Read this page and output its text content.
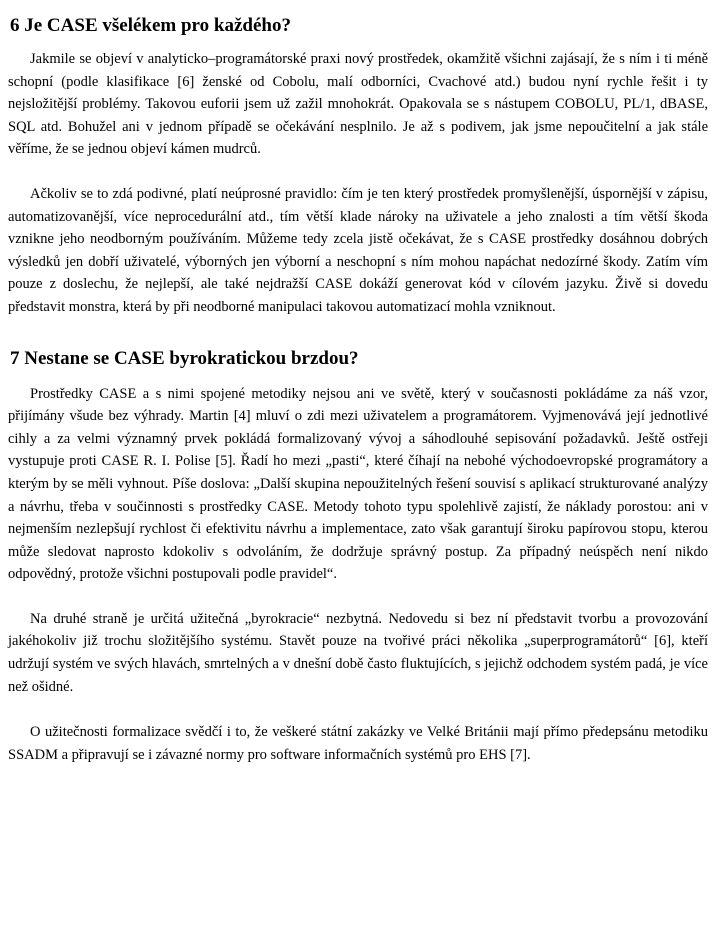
6 Je CASE všelékem pro každého?

Jakmile se objeví v analyticko–programátorské praxi nový prostředek, okamžitě všichni zajásají, že s ním i ti méně schopní (podle klasifikace [6] ženské od Cobolu, malí odborníci, Cvachové atd.) budou nyní rychle řešit i ty nejsložitější problémy. Takovou euforii jsem už zažil mnohokrát. Opakovala se s nástupem COBOLU, PL/1, dBASE, SQL atd. Bohužel ani v jednom případě se očekávání nesplnilo. Je až s podivem, jak jsme nepoučitelní a jak stále věříme, že se jednou objeví kámen mudrců.

Ačkoliv se to zdá podivné, platí neúprosné pravidlo: čím je ten který prostředek promyšlenější, úspornější v zápisu, automatizovanější, více neprocedurální atd., tím větší klade nároky na uživatele a jeho znalosti a tím větší škoda vznikne jeho neodborným používáním. Můžeme tedy zcela jistě očekávat, že s CASE prostředky dosáhnou dobrých výsledků jen dobří uživatelé, výborných jen výborní a neschopní s ním mohou napáchat nedozírné škody. Zatím vím pouze z doslechu, že nejlepší, ale také nejdražší CASE dokáží generovat kód v cílovém jazyku. Živě si dovedu představit monstra, která by při neodborné manipulaci takovou automatizací mohla vzniknout.

7 Nestane se CASE byrokratickou brzdou?

Prostředky CASE a s nimi spojené metodiky nejsou ani ve světě, který v současnosti pokládáme za náš vzor, přijímány všude bez výhrady. Martin [4] mluví o zdi mezi uživatelem a programátorem. Vyjmenovává její jednotlivé cihly a za velmi významný prvek pokládá formalizovaný vývoj a sáhodlouhé sepisování požadavků. Ještě ostřeji vystupuje proti CASE R. I. Polise [5]. Řadí ho mezi „pasti“, které číhají na nebohé východoevropské programátory a kterým by se měli vyhnout. Píše doslova: „Další skupina nepoužitelných řešení souvisí s aplikací strukturované analýzy a návrhu, třeba v součinnosti s prostředky CASE. Metody tohoto typu spolehlivě zajistí, že náklady porostou: ani v nejmenším nezlepšují rychlost či efektivitu návrhu a implementace, zato však garantují široku papírovou stopu, kterou může sledovat naprosto kdokoliv s odvoláním, že dodržuje správný postup. Za případný neúspěch není nikdo odpovědný, protože všichni postupovali podle pravidel“.

Na druhé straně je určitá užitečná „byrokracie“ nezbytná. Nedovedu si bez ní představit tvorbu a provozování jakéhokoliv již trochu složitějšího systému. Stavět pouze na tvořivé práci několika „superprogramátorů“ [6], kteří udržují systém ve svých hlavách, smrtelných a v dnešní době často fluktujících, s jejichž odchodem systém padá, je více než ošidné.

O užitečnosti formalizace svědčí i to, že veškeré státní zakázky ve Velké Británii mají přímo předepsánu metodiku SSADM a připravují se i závazné normy pro software informačních systémů pro EHS [7].
